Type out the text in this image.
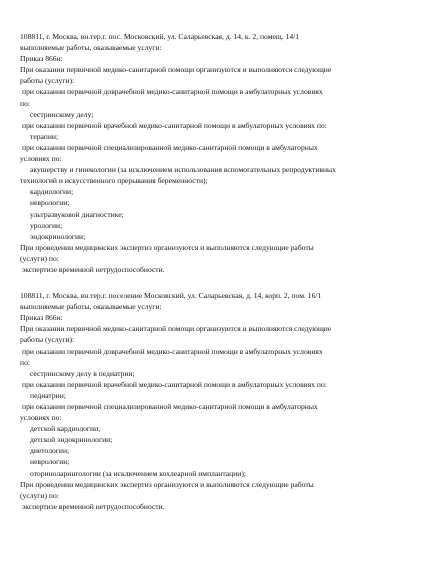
108811, г. Москва, вн.тер.г. пос. Московский, ул. Саларьевская, д. 14, к. 2, помещ. 14/1
выполняемые работы, оказываемые услуги:
Приказ 866н:
При оказании первичной медико-санитарной помощи организуются и выполняются следующие
работы (услуги):
при оказании первичной доврачебной медико-санитарной помощи в амбулаторных условиях
по:
сестринскому делу;
при оказании первичной врачебной медико-санитарной помощи в амбулаторных условиях по:
терапии;
при оказании первичной специализированной медико-санитарной помощи в амбулаторных
условиях по:
акушерству и гинекологии (за исключением использования вспомогательных репродуктивных
технологий и искусственного прерывания беременности);
кардиологии;
неврологии;
ультразвуковой диагностике;
урологии;
эндокринологии;
При проведении медицинских экспертиз организуются и выполняются следующие работы
(услуги) по:
экспертизе временной нетрудоспособности.
108811, г. Москва, вн.тер.г. поселение Московский, ул. Саларьевская, д. 14, корп. 2, пом. 16/1
выполняемые работы, оказываемые услуги:
Приказ 866н:
При оказании первичной медико-санитарной помощи организуются и выполняются следующие
работы (услуги):
при оказании первичной доврачебной медико-санитарной помощи в амбулаторных условиях
по:
сестринскому делу в педиатрии;
при оказании первичной врачебной медико-санитарной помощи в амбулаторных условиях по:
педиатрии;
при оказании первичной специализированной медико-санитарной помощи в амбулаторных
условиях по:
детской кардиологии;
детской эндокринологии;
диетологии;
неврологии;
оториноларингологии (за исключением кохлеарной имплантации);
При проведении медицинских экспертиз организуются и выполняются следующие работы
(услуги) по:
экспертизе временной нетрудоспособности.
